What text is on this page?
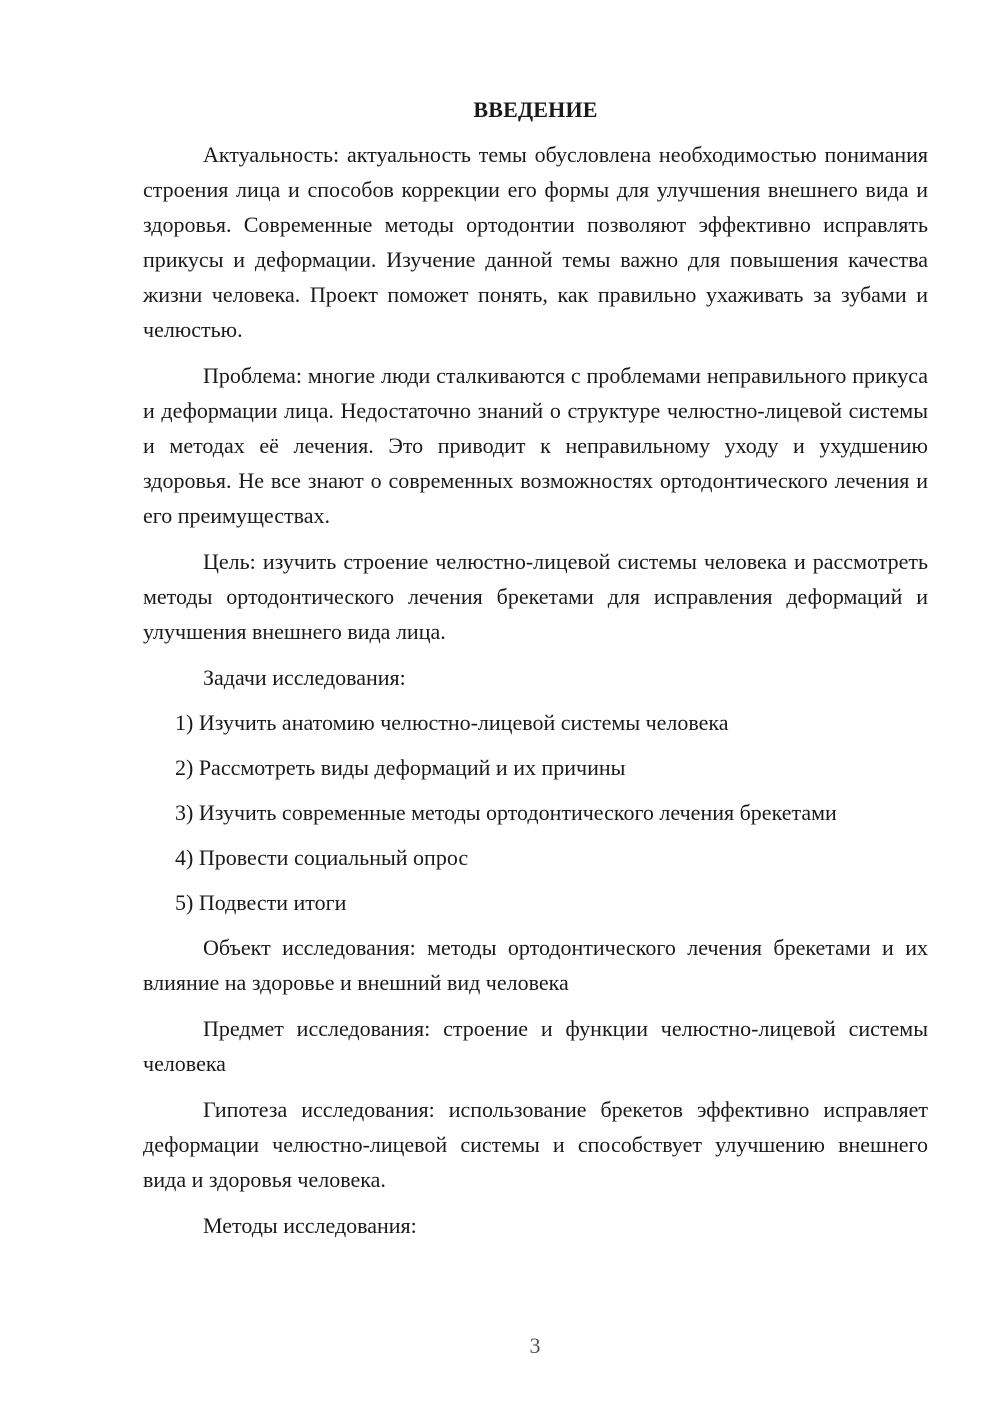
ВВЕДЕНИЕ

Актуальность: актуальность темы обусловлена необходимостью понимания строения лица и способов коррекции его формы для улучшения внешнего вида и здоровья. Современные методы ортодонтии позволяют эффективно исправлять прикусы и деформации. Изучение данной темы важно для повышения качества жизни человека. Проект поможет понять, как правильно ухаживать за зубами и челюстью.

Проблема: многие люди сталкиваются с проблемами неправильного прикуса и деформации лица. Недостаточно знаний о структуре челюстно-лицевой системы и методах её лечения. Это приводит к неправильному уходу и ухудшению здоровья. Не все знают о современных возможностях ортодонтического лечения и его преимуществах.

Цель: изучить строение челюстно-лицевой системы человека и рассмотреть методы ортодонтического лечения брекетами для исправления деформаций и улучшения внешнего вида лица.

Задачи исследования:

1) Изучить анатомию челюстно-лицевой системы человека
2) Рассмотреть виды деформаций и их причины
3) Изучить современные методы ортодонтического лечения брекетами
4) Провести социальный опрос
5) Подвести итоги

Объект исследования: методы ортодонтического лечения брекетами и их влияние на здоровье и внешний вид человека

Предмет исследования: строение и функции челюстно-лицевой системы человека

Гипотеза исследования: использование брекетов эффективно исправляет деформации челюстно-лицевой системы и способствует улучшению внешнего вида и здоровья человека.

Методы исследования:

3
